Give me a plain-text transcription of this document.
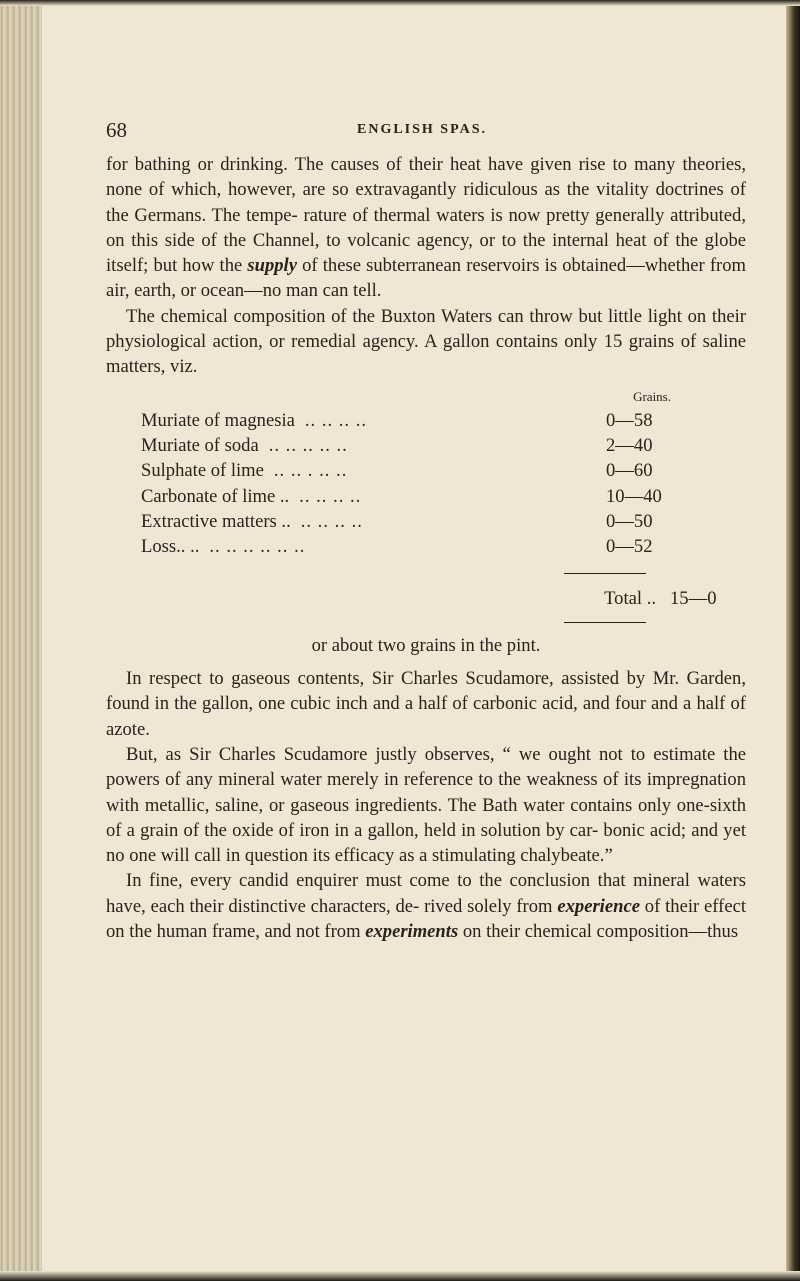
68	ENGLISH SPAS.

for bathing or drinking. The causes of their heat have given rise to many theories, none of which, however, are so extravagantly ridiculous as the vitality doctrines of the Germans. The tempe- rature of thermal waters is now pretty generally attributed, on this side of the Channel, to volcanic agency, or to the internal heat of the globe itself; but how the supply of these subterranean reservoirs is obtained—whether from air, earth, or ocean—no man can tell.

The chemical composition of the Buxton Waters can throw but little light on their physiological action, or remedial agency. A gallon contains only 15 grains of saline matters, viz.

Grains.
Muriate of magnesia .. .. .. ..	0—58
Muriate of soda .. .. .. .. ..	2—40
Sulphate of lime .. .. . .. ..	0—60
Carbonate of lime .. .. .. .. ..	10—40
Extractive matters .. .. .. .. ..	0—50
Loss.. .. .. .. .. .. .. ..	0—52
Total .. 15—0

or about two grains in the pint.

In respect to gaseous contents, Sir Charles Scudamore, assisted by Mr. Garden, found in the gallon, one cubic inch and a half of carbonic acid, and four and a half of azote.

But, as Sir Charles Scudamore justly observes, “ we ought not to estimate the powers of any mineral water merely in reference to the weakness of its impregnation with metallic, saline, or gaseous ingredients. The Bath water contains only one-sixth of a grain of the oxide of iron in a gallon, held in solution by car- bonic acid; and yet no one will call in question its efficacy as a stimulating chalybeate.”

In fine, every candid enquirer must come to the conclusion that mineral waters have, each their distinctive characters, de- rived solely from experience of their effect on the human frame, and not from experiments on their chemical composition—thus
